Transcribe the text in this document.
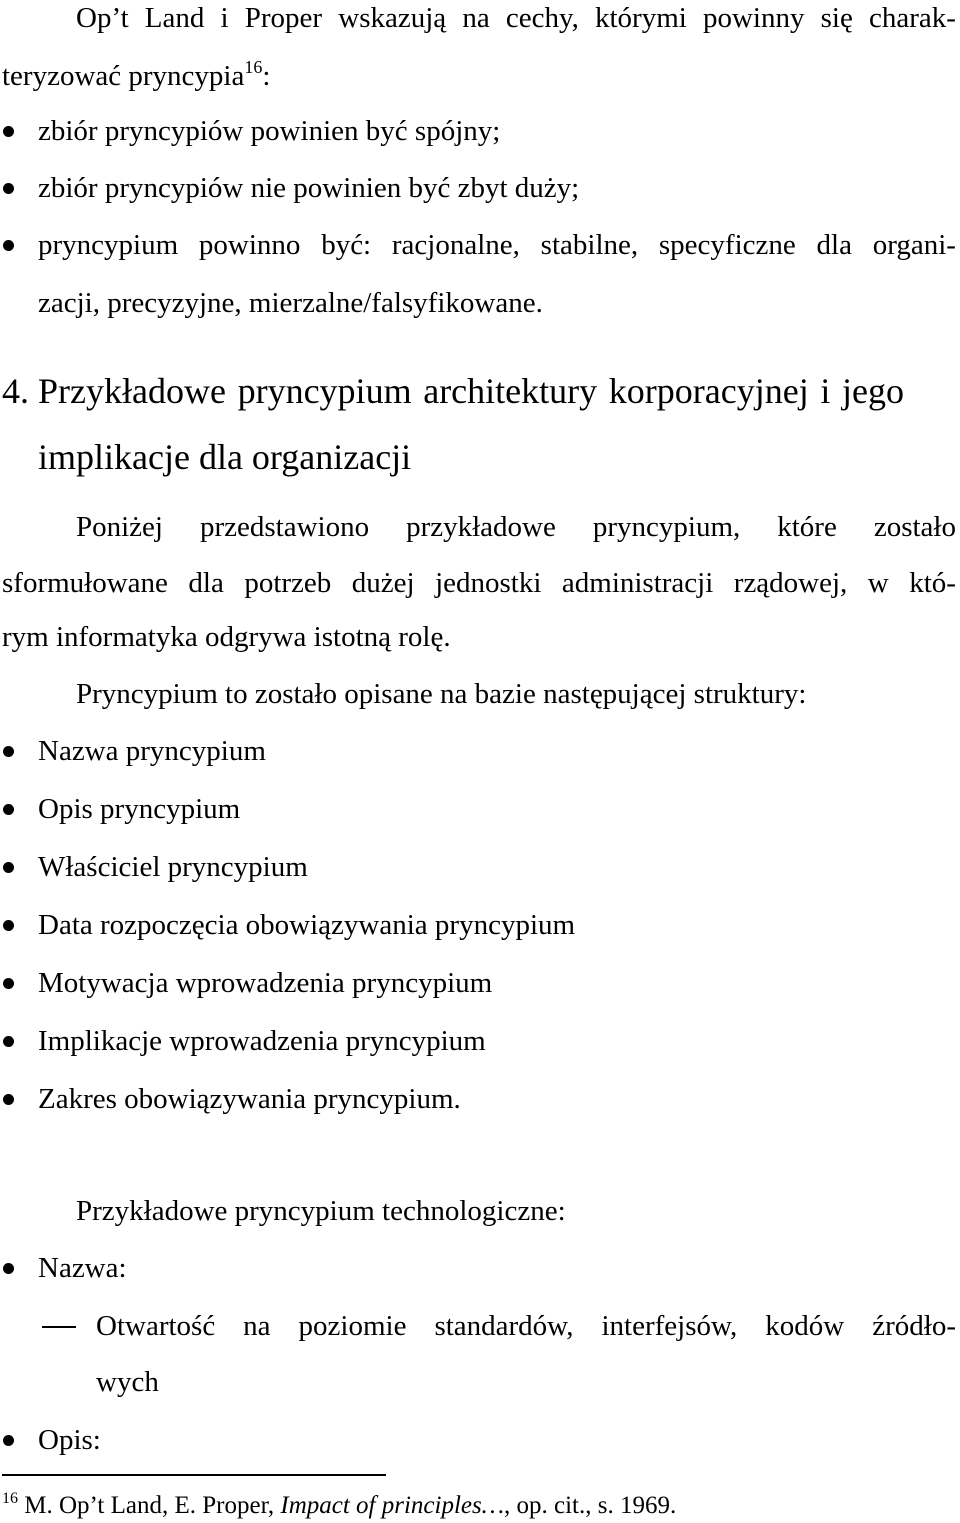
Op’t Land i Proper wskazują na cechy, którymi powinny się charak-
teryzować pryncypia$^{16}$:
zbiór pryncypiów powinien być spójny;
zbiór pryncypiów nie powinien być zbyt duży;
pryncypium powinno być: racjonalne, stabilne, specyficzne dla organi-
zacji, precyzyjne, mierzalne/falsyfikowane.
4. Przykładowe pryncypium architektury korporacyjnej i jego
implikacje dla organizacji
Poniżej przedstawiono przykładowe pryncypium, które zostało
sformułowane dla potrzeb dużej jednostki administracji rządowej, w któ-
rym informatyka odgrywa istotną rolę.
Pryncypium to zostało opisane na bazie następującej struktury:
Nazwa pryncypium
Opis pryncypium
Właściciel pryncypium
Data rozpoczęcia obowiązywania pryncypium
Motywacja wprowadzenia pryncypium
Implikacje wprowadzenia pryncypium
Zakres obowiązywania pryncypium.
Przykładowe pryncypium technologiczne:
Nazwa:
Otwartość na poziomie standardów, interfejsów, kodów źródło-
wych
Opis:
$^{16}$ M. Op’t Land, E. Proper, Impact of principles…, op. cit., s. 1969.
